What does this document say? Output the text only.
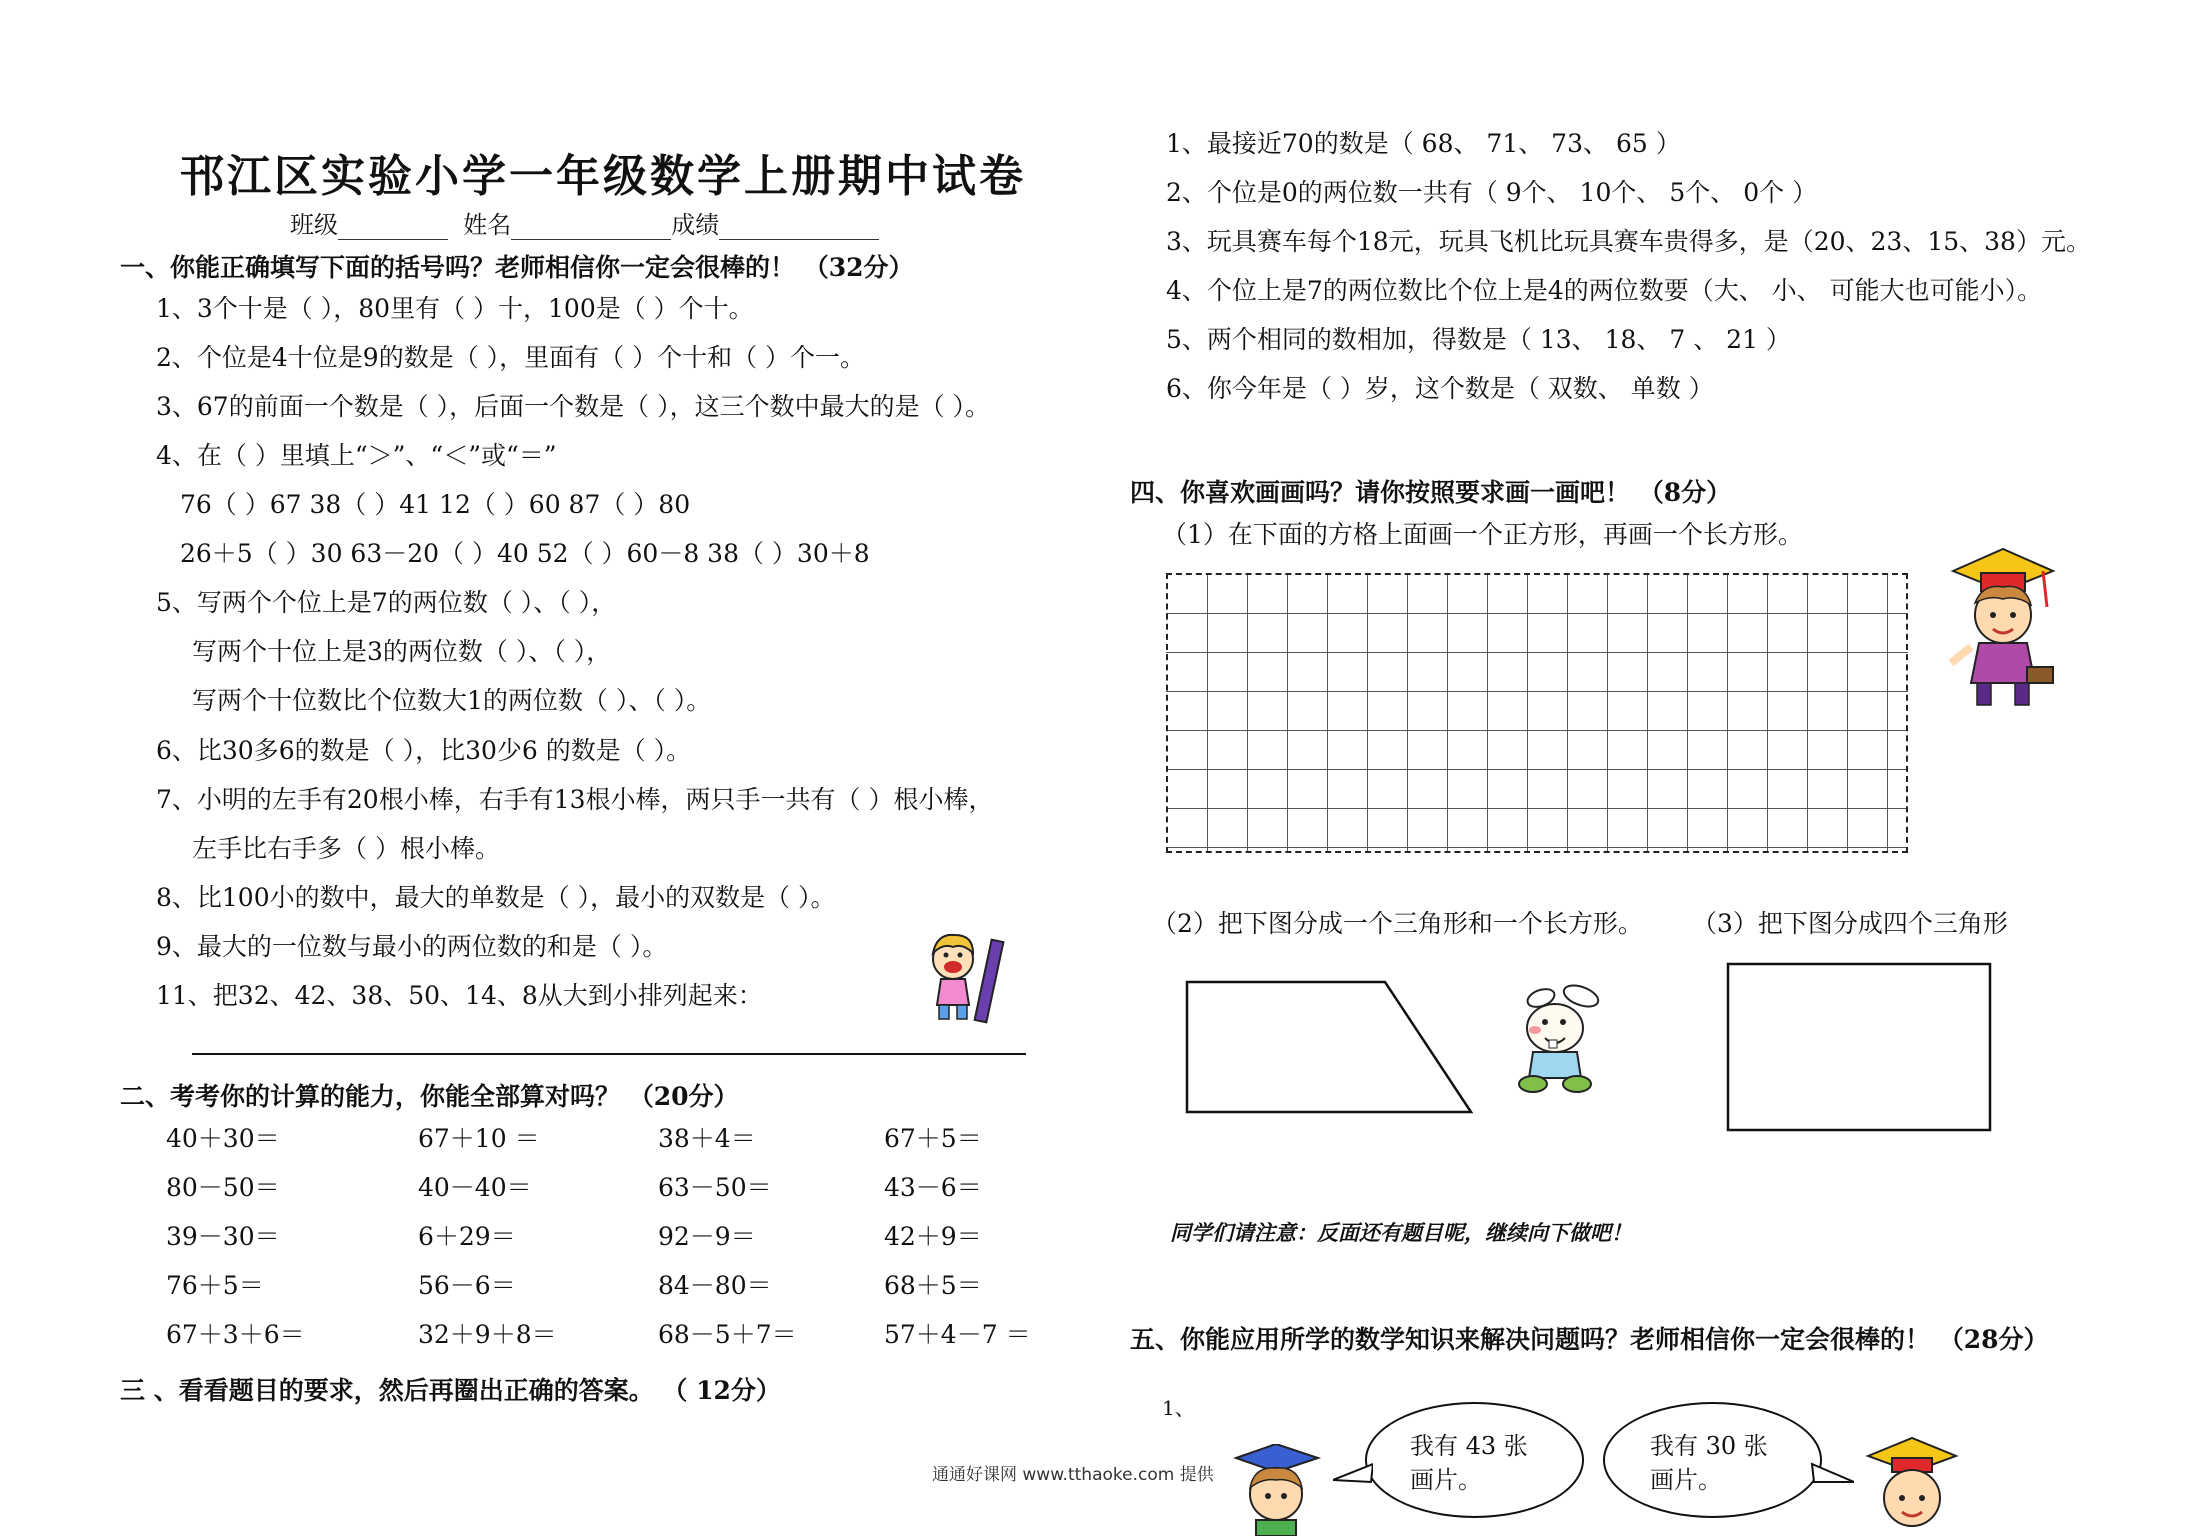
邗江区实验小学一年级数学上册期中试卷
班级	姓名	成绩
一、你能正确填写下面的括号吗？老师相信你一定会很棒的！ （32分）
1、3个十是（ ），80里有（ ）十，100是（ ）个十。
2、个位是4十位是9的数是（ ），里面有（ ）个十和（ ）个一。
3、67的前面一个数是（ ），后面一个数是（ ），这三个数中最大的是（ ）。
4、在（ ）里填上“＞”、“＜”或“＝”
76（ ）67 38（ ）41 12（ ）60 87（ ）80
26＋5（ ）30 63－20（ ）40 52（ ）60－8 38（ ）30＋8
5、写两个个位上是7的两位数（ ）、（ ），
写两个十位上是3的两位数（ ）、（ ），
写两个十位数比个位数大1的两位数（ ）、（ ）。
6、比30多6的数是（ ），比30少6 的数是（ ）。
7、小明的左手有20根小棒，右手有13根小棒，两只手一共有（ ）根小棒，
左手比右手多（ ）根小棒。
8、比100小的数中，最大的单数是（ ），最小的双数是（ ）。
9、最大的一位数与最小的两位数的和是（ ）。
11、把32、42、38、50、14、8从大到小排列起来：
二、考考你的计算的能力，你能全部算对吗？ （20分）
40＋30＝	67＋10 ＝	38＋4＝	67＋5＝
80－50＝	40－40＝	63－50＝	43－6＝
39－30＝	6＋29＝	92－9＝	42＋9＝
76＋5＝	56－6＝	84－80＝	68＋5＝
67＋3＋6＝	32＋9＋8＝	68－5＋7＝	57＋4－7 ＝
三 、看看题目的要求，然后再圈出正确的答案。 （ 12分）
通通好课网 www.tthaoke.com 提供
1、最接近70的数是（ 68、 71、 73、 65 ）
2、个位是0的两位数一共有（ 9个、 10个、 5个、 0个 ）
3、玩具赛车每个18元，玩具飞机比玩具赛车贵得多，是（20、23、15、38）元。
4、个位上是7的两位数比个位上是4的两位数要（大、 小、 可能大也可能小）。
5、两个相同的数相加，得数是（ 13、 18、 7 、 21 ）
6、你今年是（ ）岁，这个数是（ 双数、 单数 ）
四、你喜欢画画吗？请你按照要求画一画吧！ （8分）
（1）在下面的方格上面画一个正方形，再画一个长方形。
（2）把下图分成一个三角形和一个长方形。 （3）把下图分成四个三角形
同学们请注意：反面还有题目呢，继续向下做吧！
五、你能应用所学的数学知识来解决问题吗？老师相信你一定会很棒的！ （28分）
1、
我有 43 张画片。
我有 30 张画片。
